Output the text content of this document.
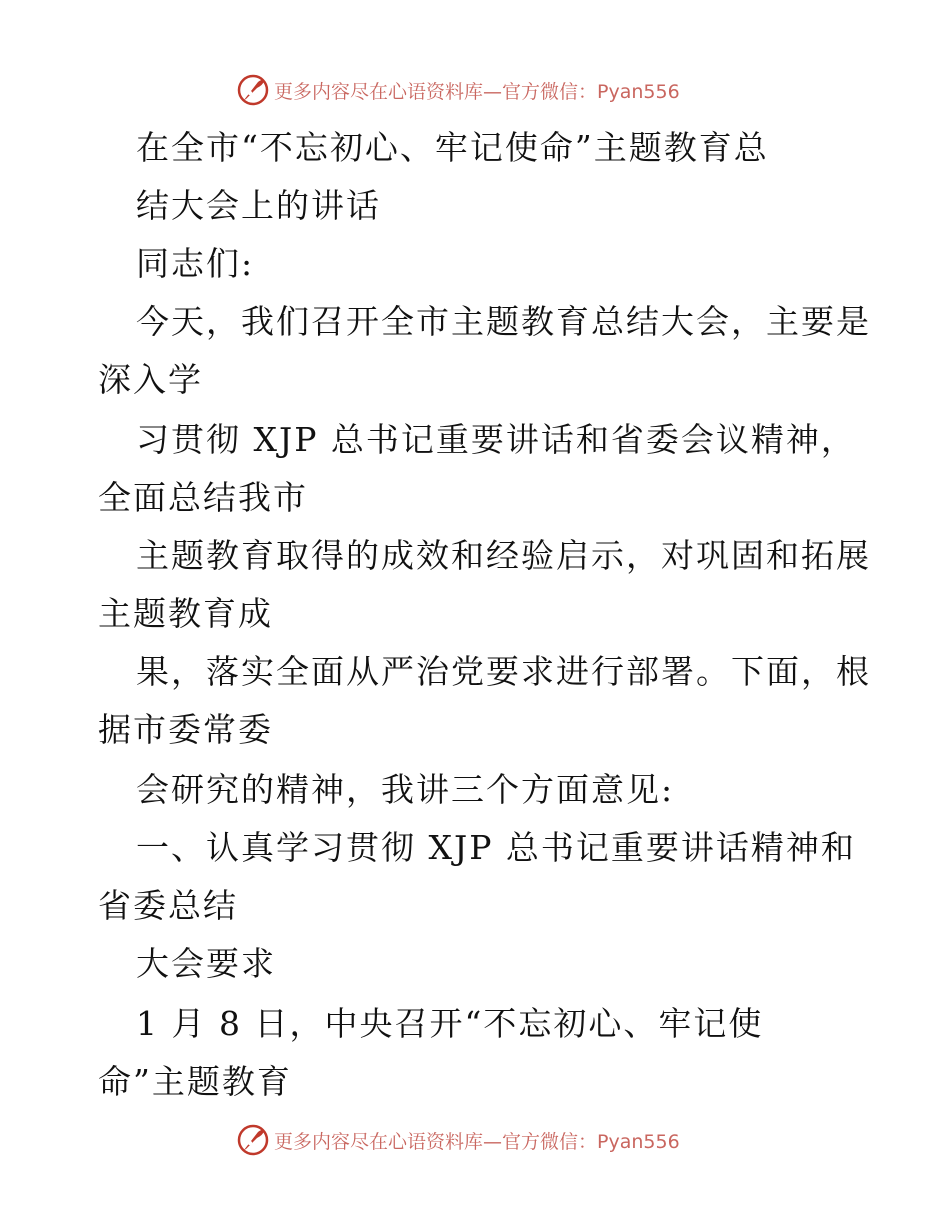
更多内容尽在心语资料库—官方微信：Pyan556
在全市“不忘初心、牢记使命”主题教育总
结大会上的讲话
同志们:
今天，我们召开全市主题教育总结大会，主要是
深入学
习贯彻 XJP 总书记重要讲话和省委会议精神，
全面总结我市
主题教育取得的成效和经验启示，对巩固和拓展
主题教育成
果，落实全面从严治党要求进行部署。下面，根
据市委常委
会研究的精神，我讲三个方面意见:
一、认真学习贯彻 XJP 总书记重要讲话精神和
省委总结
大会要求
1 月 8 日，中央召开“不忘初心、牢记使
命”主题教育
更多内容尽在心语资料库—官方微信：Pyan556
